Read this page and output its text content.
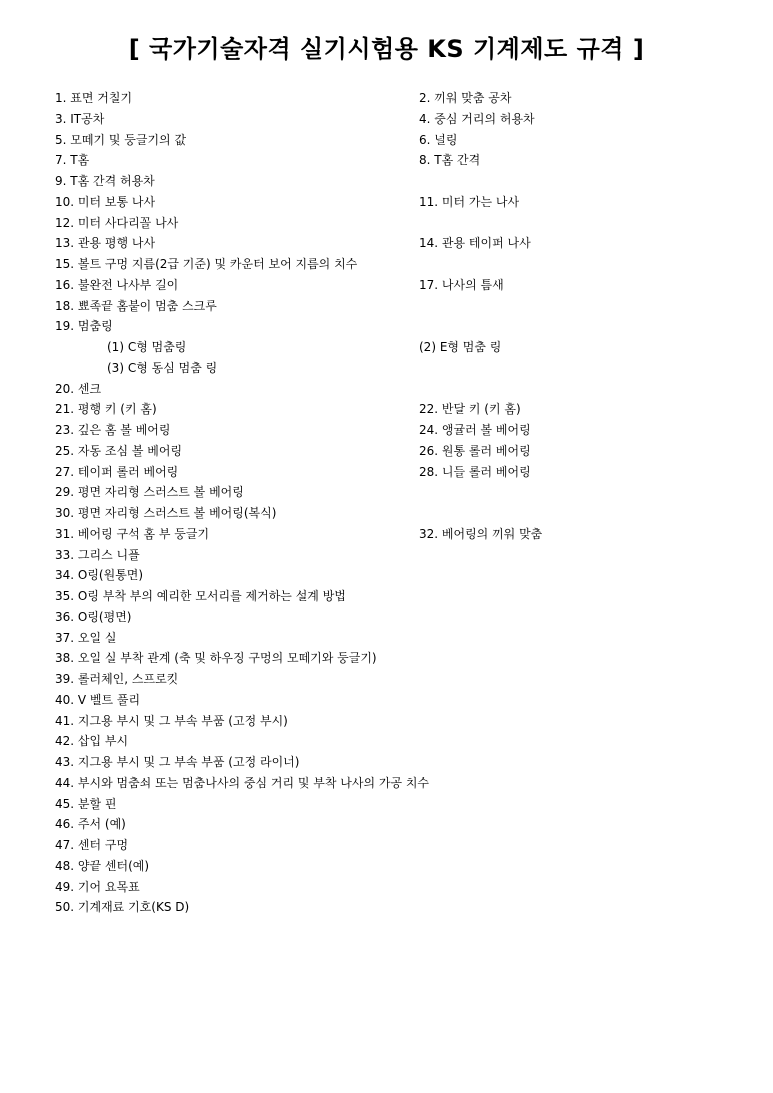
[ 국가기술자격 실기시험용 KS 기계제도 규격 ]
1. 표면 거칠기	2. 끼워 맞춤 공차
3. IT공차	4. 중심 거리의 허용차
5. 모떼기 및 둥글기의 값	6. 널링
7. T홈	8. T홈 간격
9. T홈 간격 허용차
10. 미터 보통 나사	11. 미터 가는 나사
12. 미터 사다리꼴 나사
13. 관용 평행 나사	14. 관용 테이퍼 나사
15. 볼트 구멍 지름(2급 기준) 및 카운터 보어 지름의 치수
16. 불완전 나사부 길이	17. 나사의 틈새
18. 뾰족끝 홈붙이 멈춤 스크루
19. 멈춤링
(1) C형 멈춤링	(2) E형 멈춤 링
(3) C형 동심 멈춤 링
20. 센크
21. 평행 키 (키 홈)	22. 반달 키 (키 홈)
23. 깊은 홈 볼 베어링	24. 앵귤러 볼 베어링
25. 자동 조심 볼 베어링	26. 원통 롤러 베어링
27. 테이퍼 롤러 베어링	28. 니들 롤러 베어링
29. 평면 자리형 스러스트 볼 베어링
30. 평면 자리형 스러스트 볼 베어링(복식)
31. 베어링 구석 홈 부 둥글기	32. 베어링의 끼워 맞춤
33. 그리스 니플
34. O링(원통면)
35. O링 부착 부의 예리한 모서리를 제거하는 설계 방법
36. O링(평면)
37. 오일 실
38. 오일 실 부착 관계 (축 및 하우징 구멍의 모떼기와 둥글기)
39. 롤러체인, 스프로킷
40. V 벨트 풀리
41. 지그용 부시 및 그 부속 부품 (고정 부시)
42. 삽입 부시
43. 지그용 부시 및 그 부속 부품 (고정 라이너)
44. 부시와 멈춤쇠 또는 멈춤나사의 중심 거리 및 부착 나사의 가공 치수
45. 분할 핀
46. 주서 (예)
47. 센터 구멍
48. 양끝 센터(예)
49. 기어 요목표
50. 기계재료 기호(KS D)
